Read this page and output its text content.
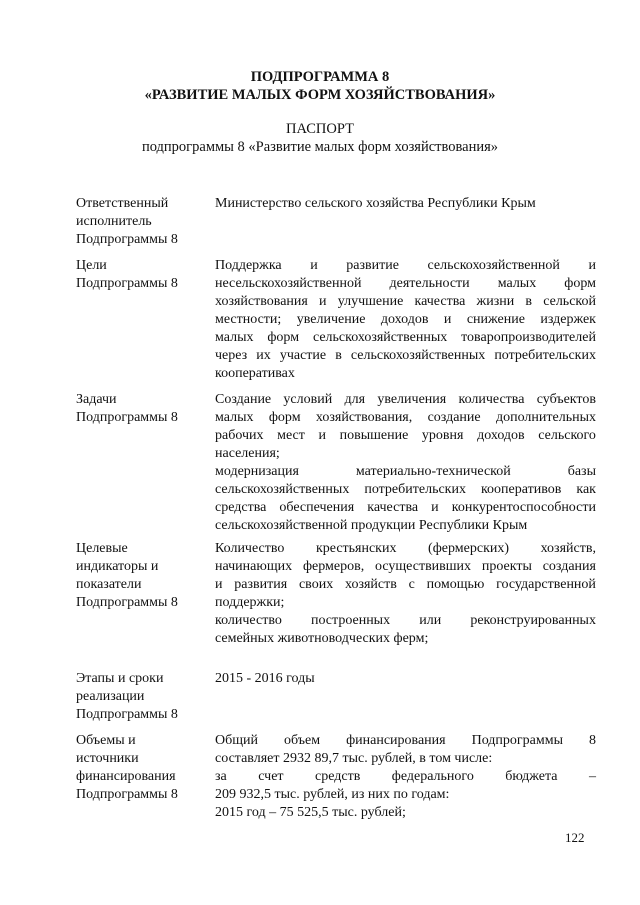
ПОДПРОГРАММА 8
«РАЗВИТИЕ МАЛЫХ ФОРМ ХОЗЯЙСТВОВАНИЯ»
ПАСПОРТ
подпрограммы 8 «Развитие малых форм хозяйствования»
Ответственный
исполнитель
Подпрограммы 8
Министерство сельского хозяйства Республики Крым
Цели
Подпрограммы 8
Поддержка и развитие сельскохозяйственной и
несельскохозяйственной деятельности малых форм
хозяйствования и улучшение качества жизни в сельской
местности; увеличение доходов и снижение издержек
малых форм сельскохозяйственных товаропроизводителей
через их участие в сельскохозяйственных потребительских
кооперативах
Задачи
Подпрограммы 8
Создание условий для увеличения количества субъектов
малых форм хозяйствования, создание дополнительных
рабочих мест и повышение уровня доходов сельского
населения;
модернизация	материально-технической	базы
сельскохозяйственных потребительских кооперативов как
средства обеспечения качества и конкурентоспособности
сельскохозяйственной продукции Республики Крым
Целевые
индикаторы и
показатели
Подпрограммы 8
Количество крестьянских (фермерских) хозяйств,
начинающих фермеров, осуществивших проекты создания
и развития своих хозяйств с помощью государственной
поддержки;
количество построенных или реконструированных
семейных животноводческих ферм;
Этапы и сроки
реализации
Подпрограммы 8
2015 - 2016 годы
Объемы и
источники
финансирования
Подпрограммы 8
Общий объем финансирования Подпрограммы 8
составляет 2932 89,7 тыс. рублей, в том числе:
за счет средств федерального бюджета –
209 932,5 тыс. рублей, из них по годам:
2015 год – 75 525,5 тыс. рублей;
122
